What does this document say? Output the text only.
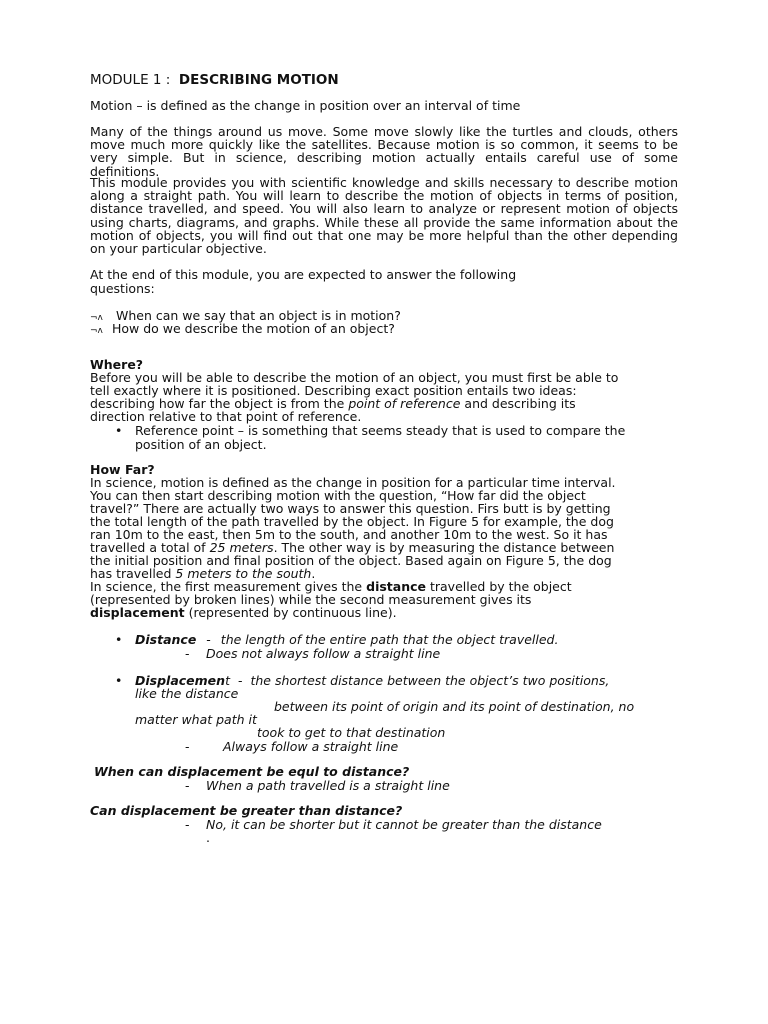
MODULE 1 : DESCRIBING MOTION
Motion – is defined as the change in position over an interval of time
Many of the things around us move. Some move slowly like the turtles and clouds, others move much more quickly like the satellites. Because motion is so common, it seems to be very simple. But in science, describing motion actually entails careful use of some definitions.
This module provides you with scientific knowledge and skills necessary to describe motion along a straight path. You will learn to describe the motion of objects in terms of position, distance travelled, and speed. You will also learn to analyze or represent motion of objects using charts, diagrams, and graphs. While these all provide the same information about the motion of objects, you will find out that one may be more helpful than the other depending on your particular objective.
At the end of this module, you are expected to answer the following
questions:
¬ᴧ When can we say that an object is in motion?
¬ᴧ How do we describe the motion of an object?
Where?
Before you will be able to describe the motion of an object, you must first be able to
tell exactly where it is positioned. Describing exact position entails two ideas:
describing how far the object is from the point of reference and describing its
direction relative to that point of reference.
• Reference point – is something that seems steady that is used to compare the
position of an object.
How Far?
In science, motion is defined as the change in position for a particular time interval.
You can then start describing motion with the question, “How far did the object
travel?” There are actually two ways to answer this question. Firs butt is by getting
the total length of the path travelled by the object. In Figure 5 for example, the dog
ran 10m to the east, then 5m to the south, and another 10m to the west. So it has
travelled a total of 25 meters. The other way is by measuring the distance between
the initial position and final position of the object. Based again on Figure 5, the dog
has travelled 5 meters to the south.
In science, the first measurement gives the distance travelled by the object
(represented by broken lines) while the second measurement gives its
displacement (represented by continuous line).
• Distance - the length of the entire path that the object travelled.
- Does not always follow a straight line
• Displacement - the shortest distance between the object’s two positions,
like the distance
between its point of origin and its point of destination, no
matter what path it
took to get to that destination
-	Always follow a straight line
When can displacement be equl to distance?
- When a path travelled is a straight line
Can displacement be greater than distance?
- No, it can be shorter but it cannot be greater than the distance
.
